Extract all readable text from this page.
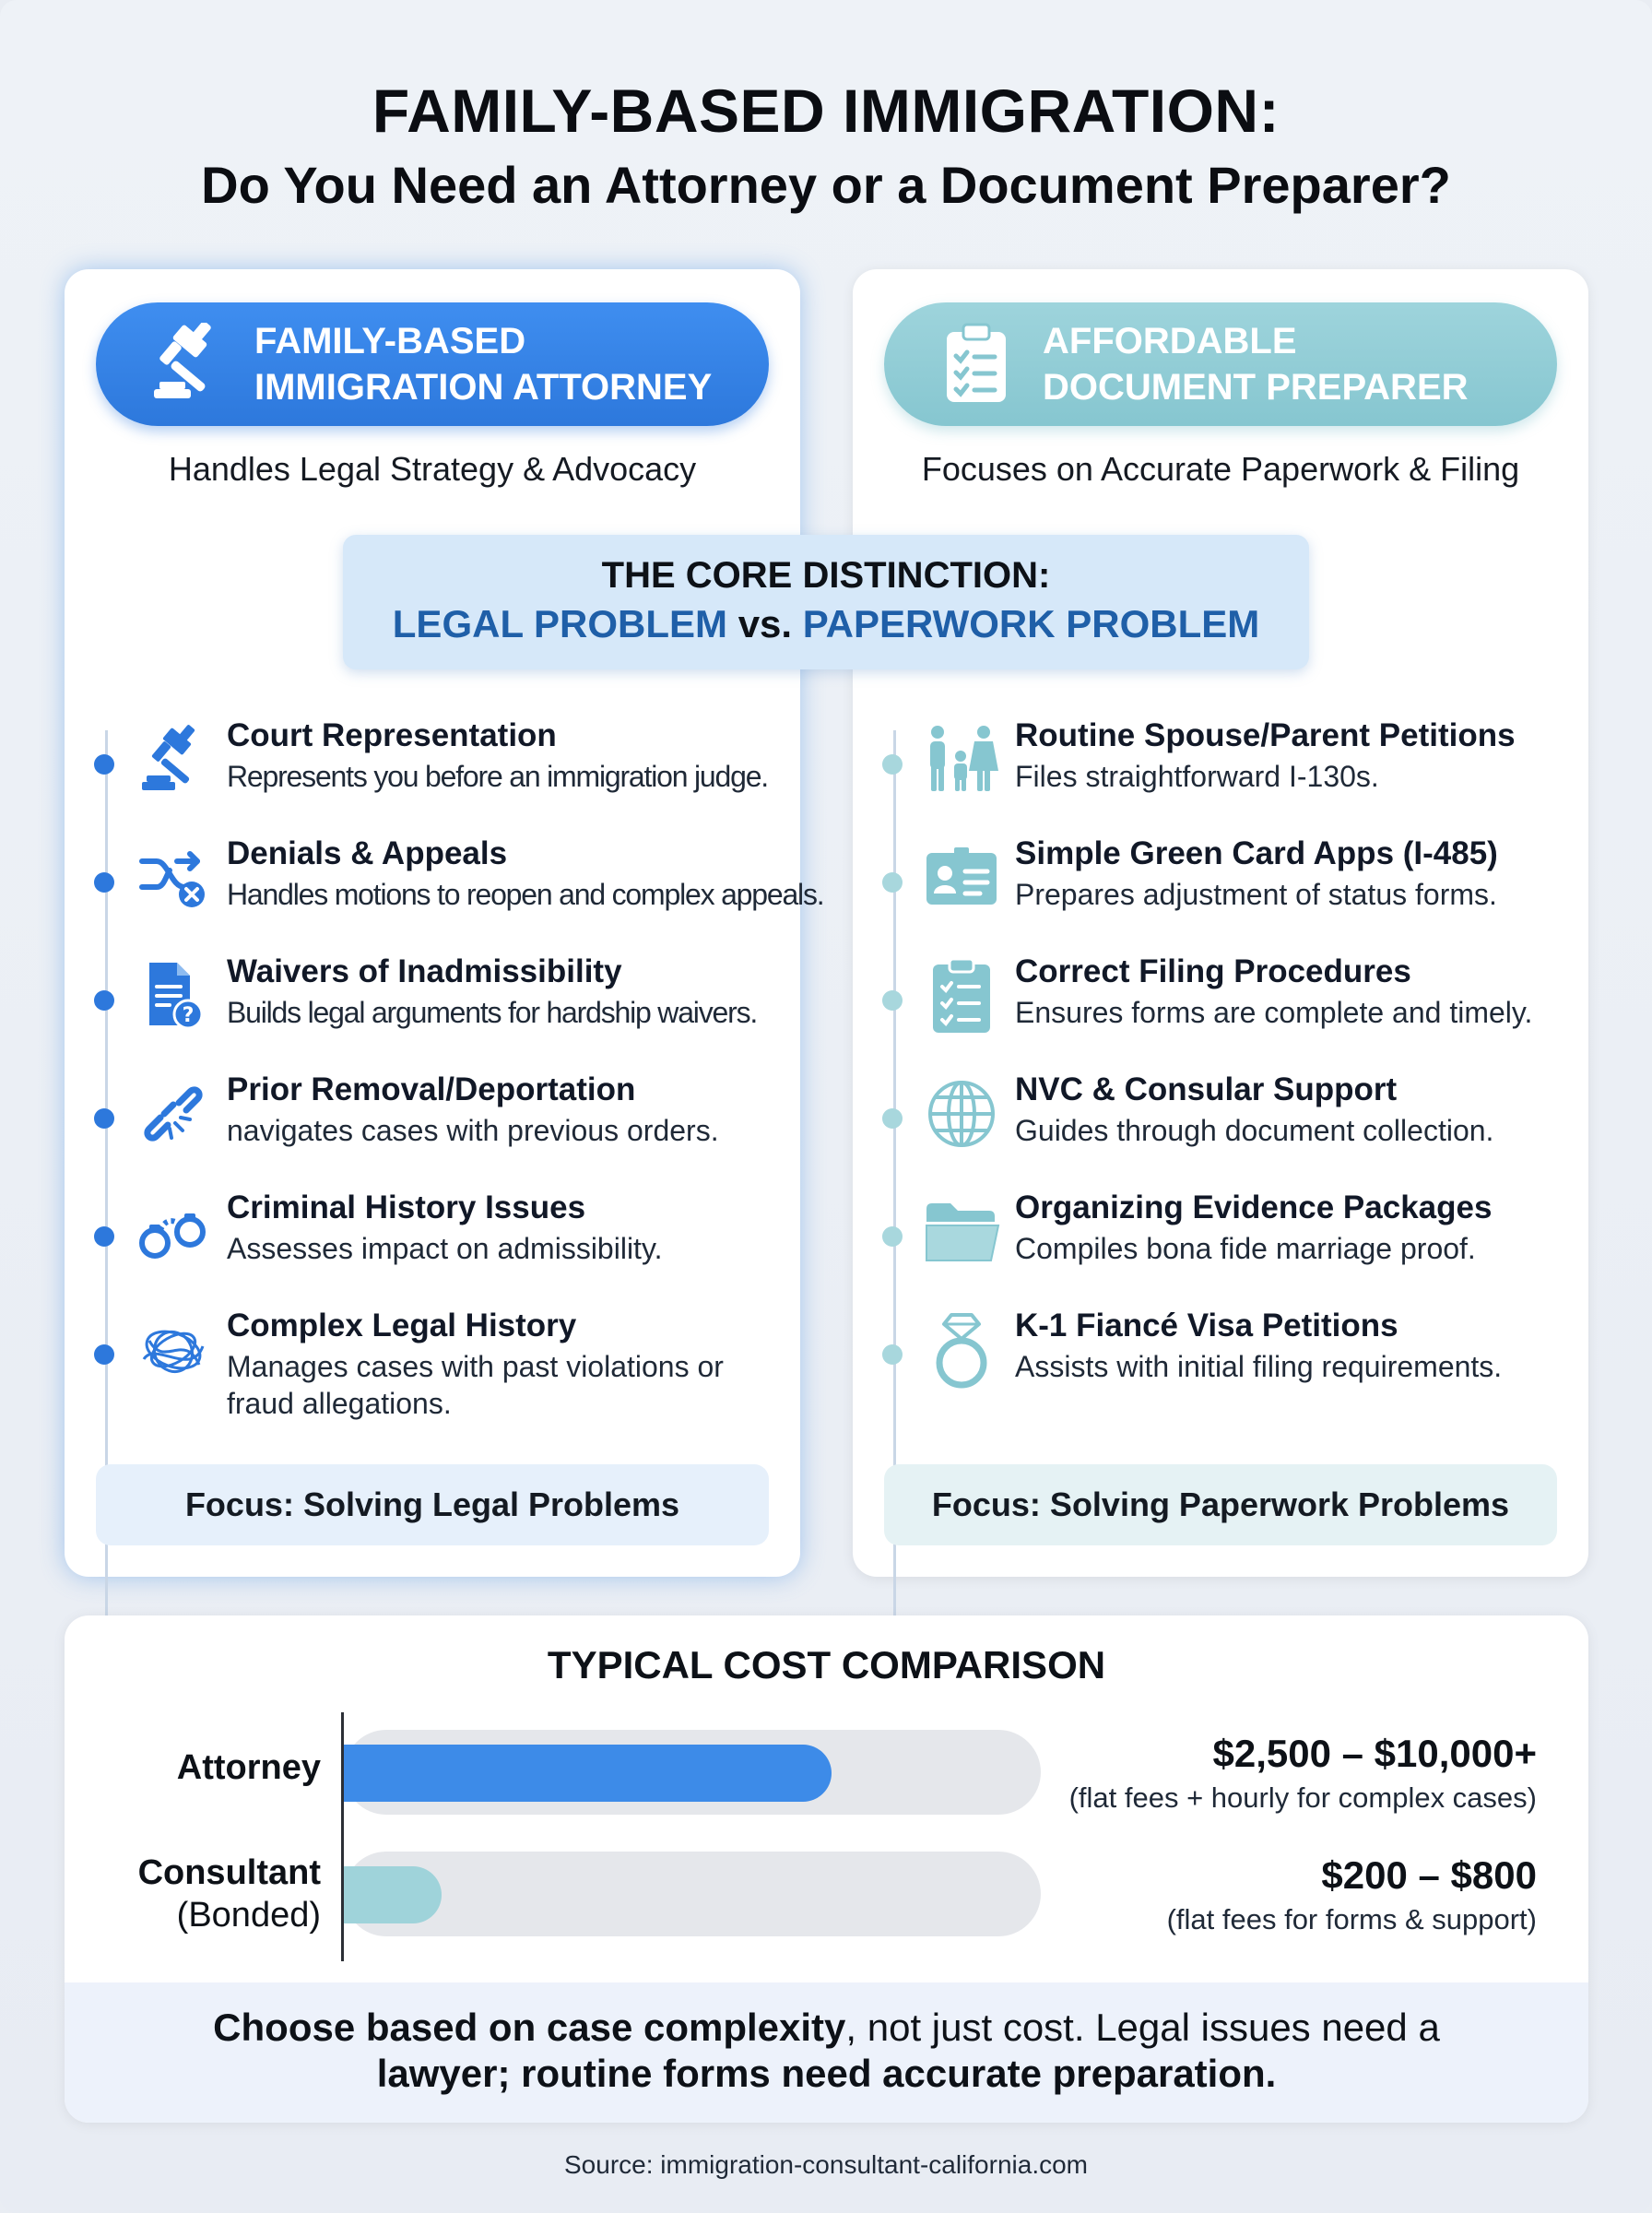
FAMILY-BASED IMMIGRATION:
Do You Need an Attorney or a Document Preparer?
FAMILY-BASED
IMMIGRATION ATTORNEY
Handles Legal Strategy & Advocacy
Court Representation
Represents you before an immigration judge.
Denials & Appeals
Handles motions to reopen and complex appeals.
?
Waivers of Inadmissibility
Builds legal arguments for hardship waivers.
Prior Removal/Deportation
navigates cases with previous orders.
Criminal History Issues
Assesses impact on admissibility.
Complex Legal History
Manages cases with past violations or fraud allegations.
Focus: Solving Legal Problems
AFFORDABLE
DOCUMENT PREPARER
Focuses on Accurate Paperwork & Filing
Routine Spouse/Parent Petitions
Files straightforward I-130s.
Simple Green Card Apps (I-485)
Prepares adjustment of status forms.
Correct Filing Procedures
Ensures forms are complete and timely.
NVC & Consular Support
Guides through document collection.
Organizing Evidence Packages
Compiles bona fide marriage proof.
K-1 Fiancé Visa Petitions
Assists with initial filing requirements.
Focus: Solving Paperwork Problems
THE CORE DISTINCTION:
LEGAL PROBLEM vs. PAPERWORK PROBLEM
TYPICAL COST COMPARISON
Attorney	$2,500 – $10,000+
(flat fees + hourly for complex cases)
Consultant
(Bonded)
$200 – $800
(flat fees for forms & support)
Choose based on case complexity, not just cost. Legal issues need a
lawyer; routine forms need accurate preparation.
Source: immigration-consultant-california.com
